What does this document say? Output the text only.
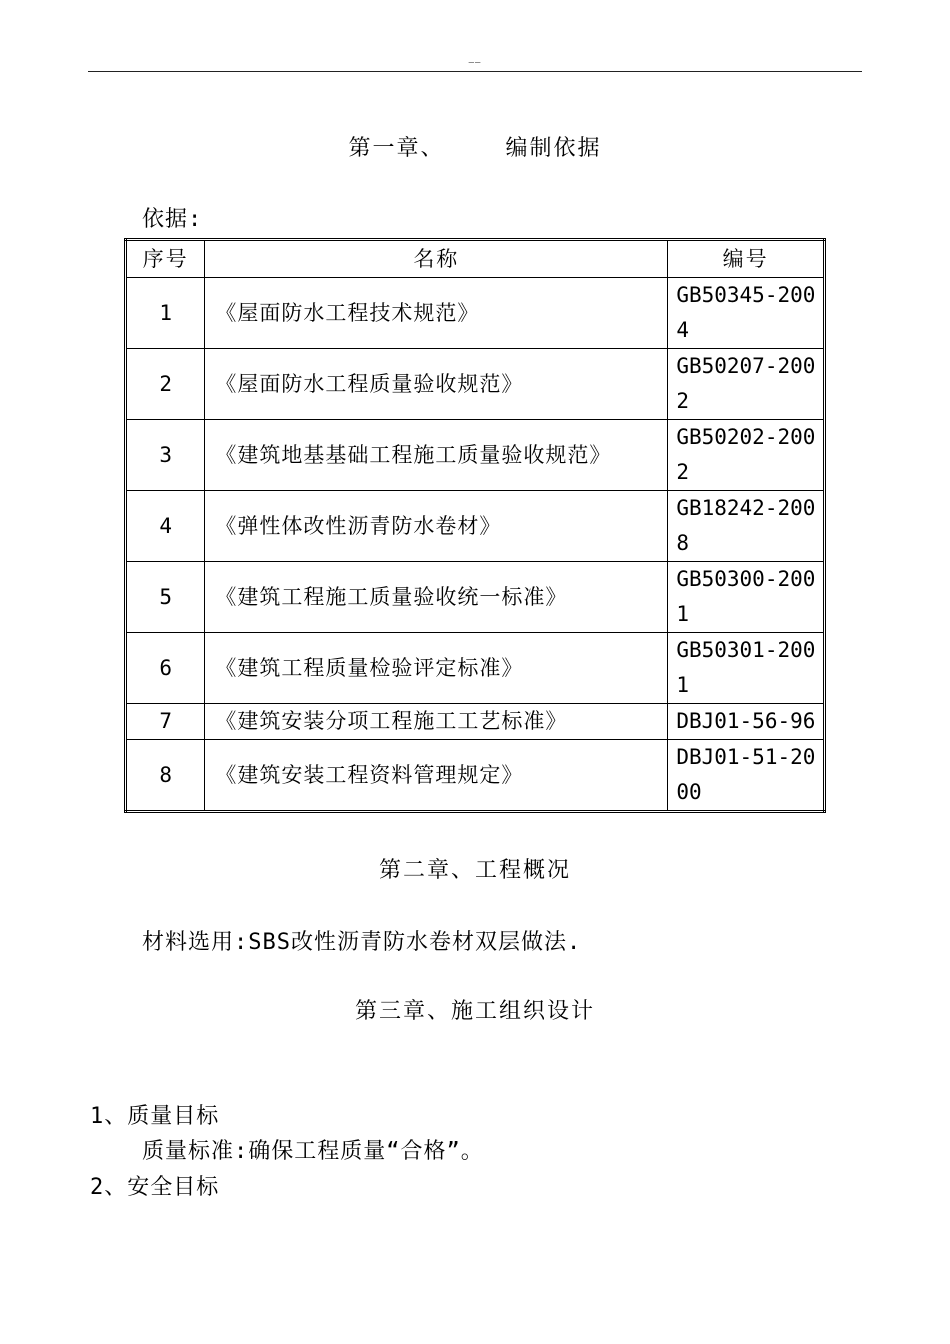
——
第一章、    编制依据
依据:
序号	名称	编号
1	《屋面防水工程技术规范》	GB50345-2004
2	《屋面防水工程质量验收规范》	GB50207-2002
3	《建筑地基基础工程施工质量验收规范》	GB50202-2002
4	《弹性体改性沥青防水卷材》	GB18242-2008
5	《建筑工程施工质量验收统一标准》	GB50300-2001
6	《建筑工程质量检验评定标准》	GB50301-2001
7	《建筑安装分项工程施工工艺标准》	DBJ01-56-96
8	《建筑安装工程资料管理规定》	DBJ01-51-2000
第二章、工程概况
材料选用:SBS改性沥青防水卷材双层做法.
第三章、施工组织设计
1、质量目标
质量标准:确保工程质量“合格”。
2、安全目标
